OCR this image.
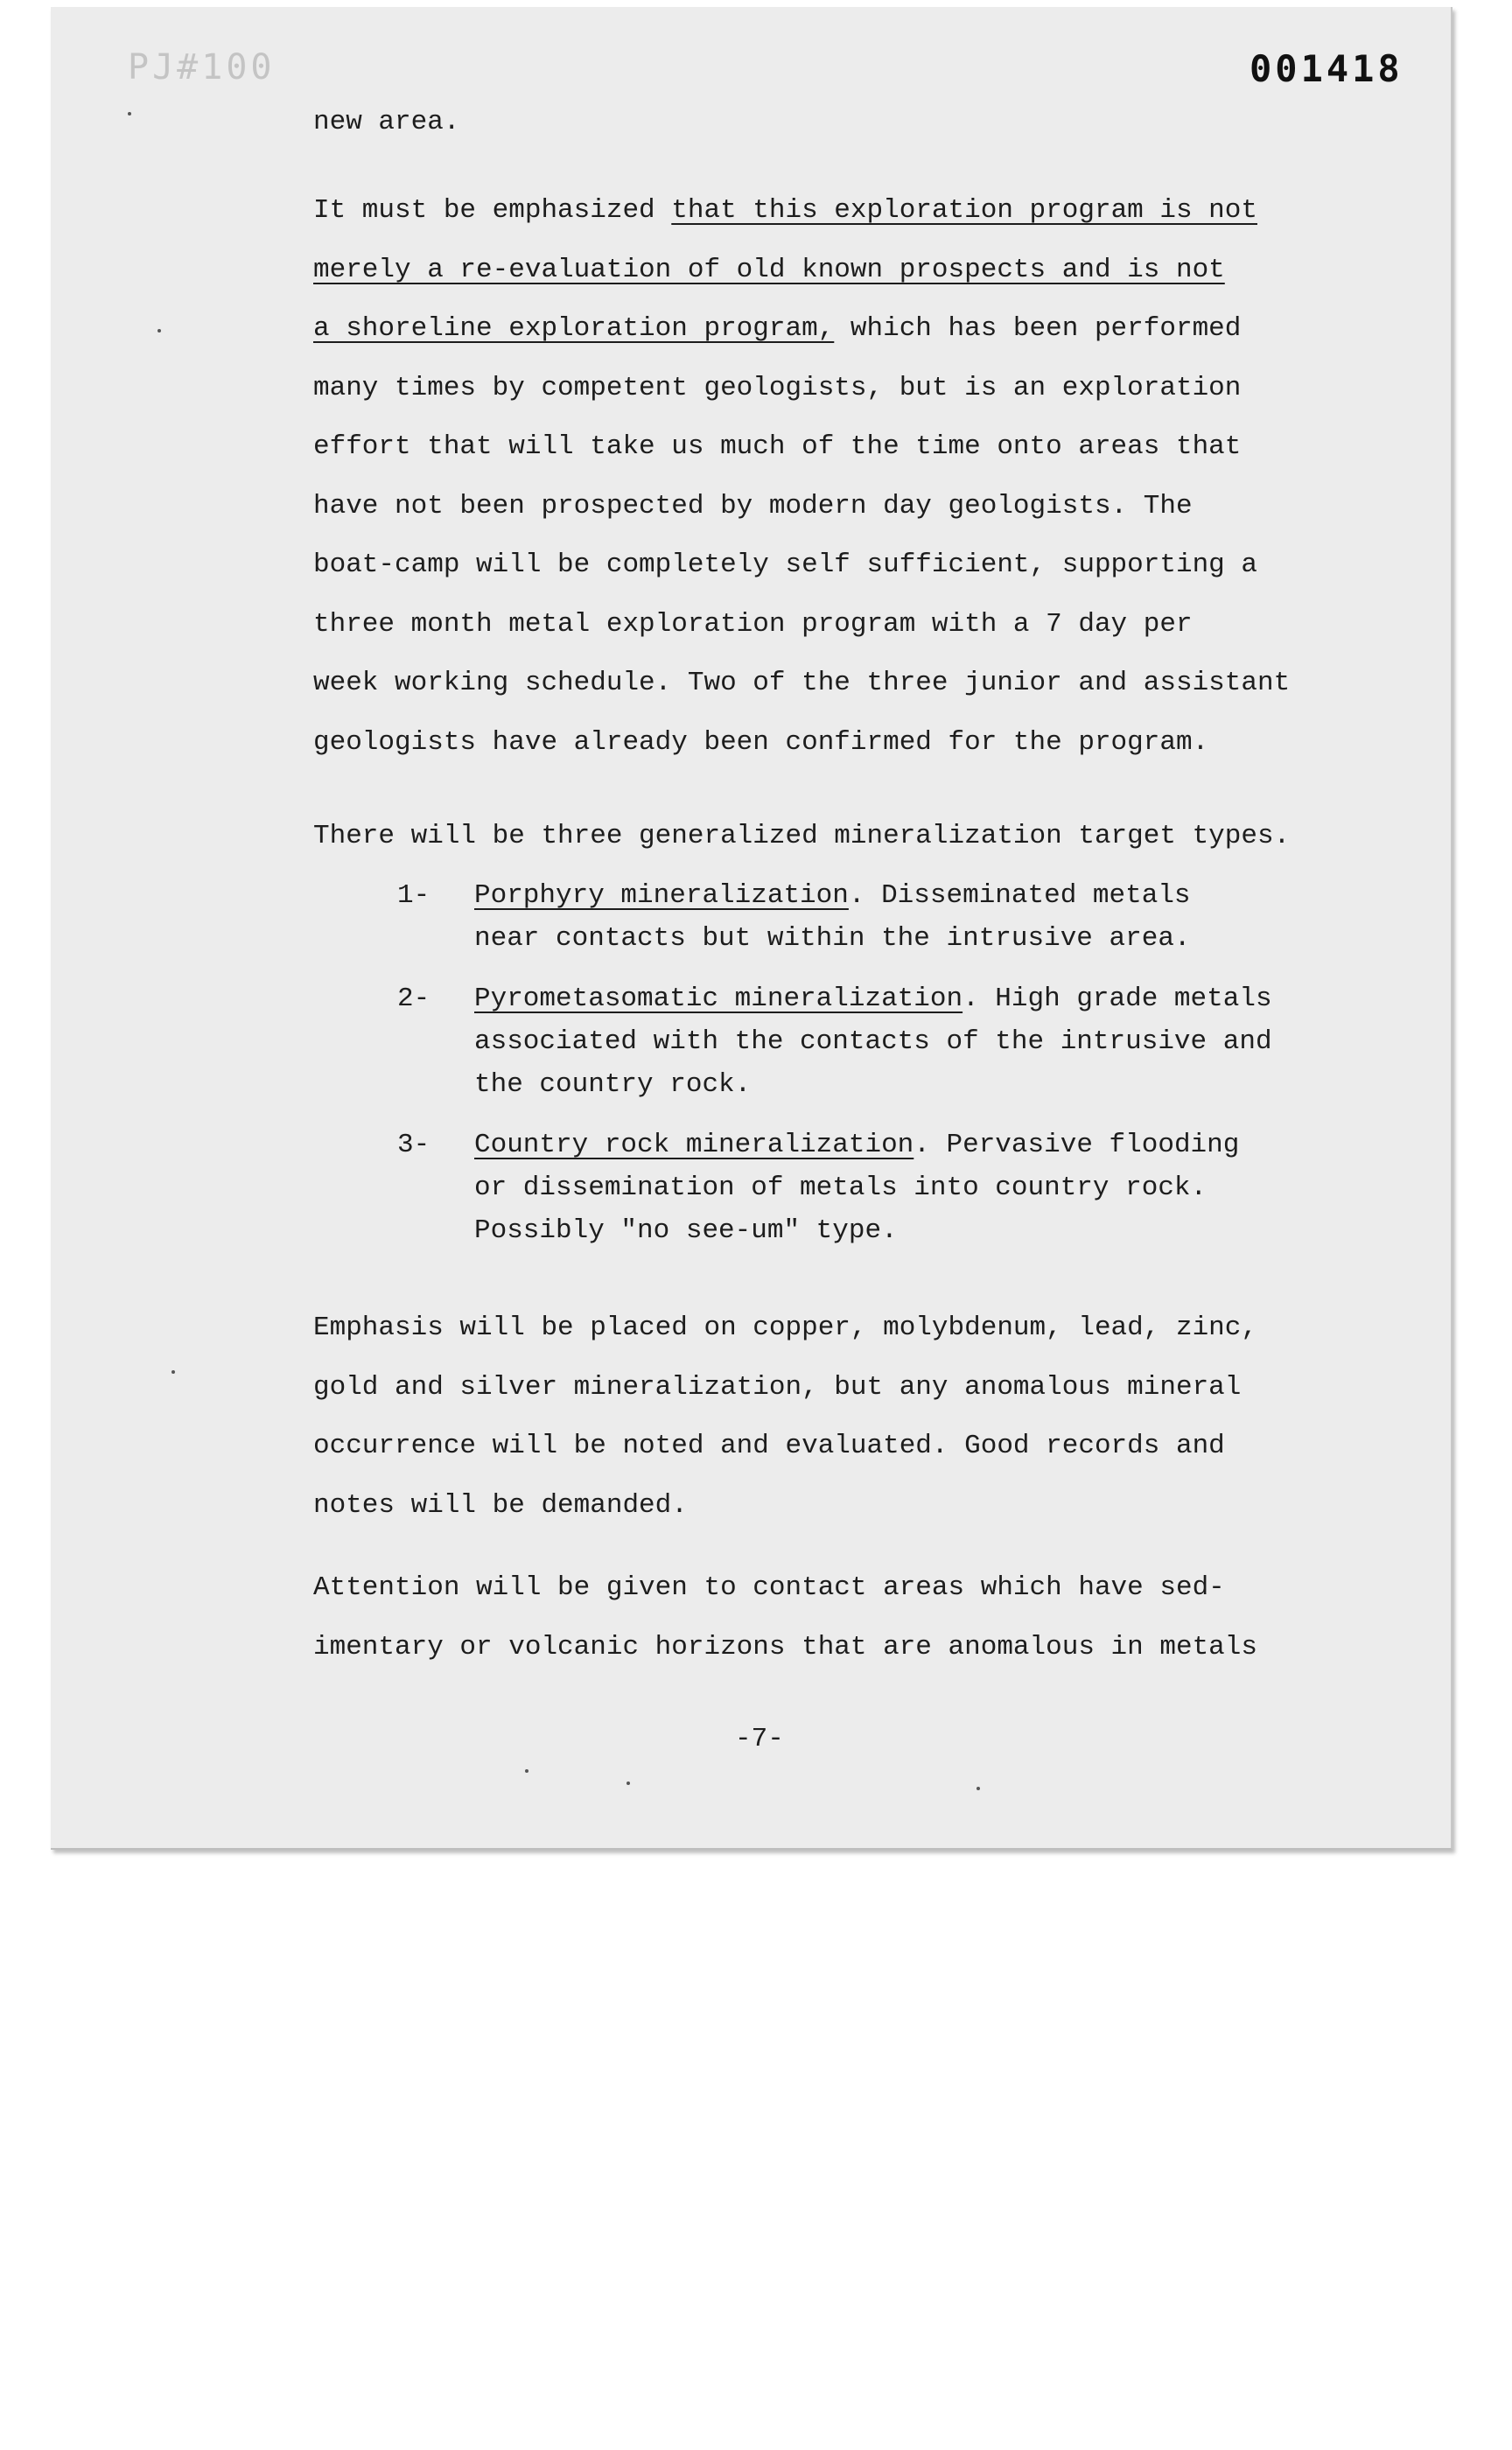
PJ#100	001418

new area.

It must be emphasized that this exploration program is not

merely a re-evaluation of old known prospects and is not

a shoreline exploration program, which has been performed

many times by competent geologists, but is an exploration

effort that will take us much of the time onto areas that

have not been prospected by modern day geologists. The

boat-camp will be completely self sufficient, supporting a

three month metal exploration program with a 7 day per

week working schedule. Two of the three junior and assistant

geologists have already been confirmed for the program.

There will be three generalized mineralization target types.

1- Porphyry mineralization. Disseminated metals
near contacts but within the intrusive area.
2- Pyrometasomatic mineralization. High grade metals
associated with the contacts of the intrusive and
the country rock.
3- Country rock mineralization. Pervasive flooding
or dissemination of metals into country rock.
Possibly "no see-um" type.

Emphasis will be placed on copper, molybdenum, lead, zinc,

gold and silver mineralization, but any anomalous mineral

occurrence will be noted and evaluated. Good records and

notes will be demanded.

Attention will be given to contact areas which have sed-

imentary or volcanic horizons that are anomalous in metals

-7-
